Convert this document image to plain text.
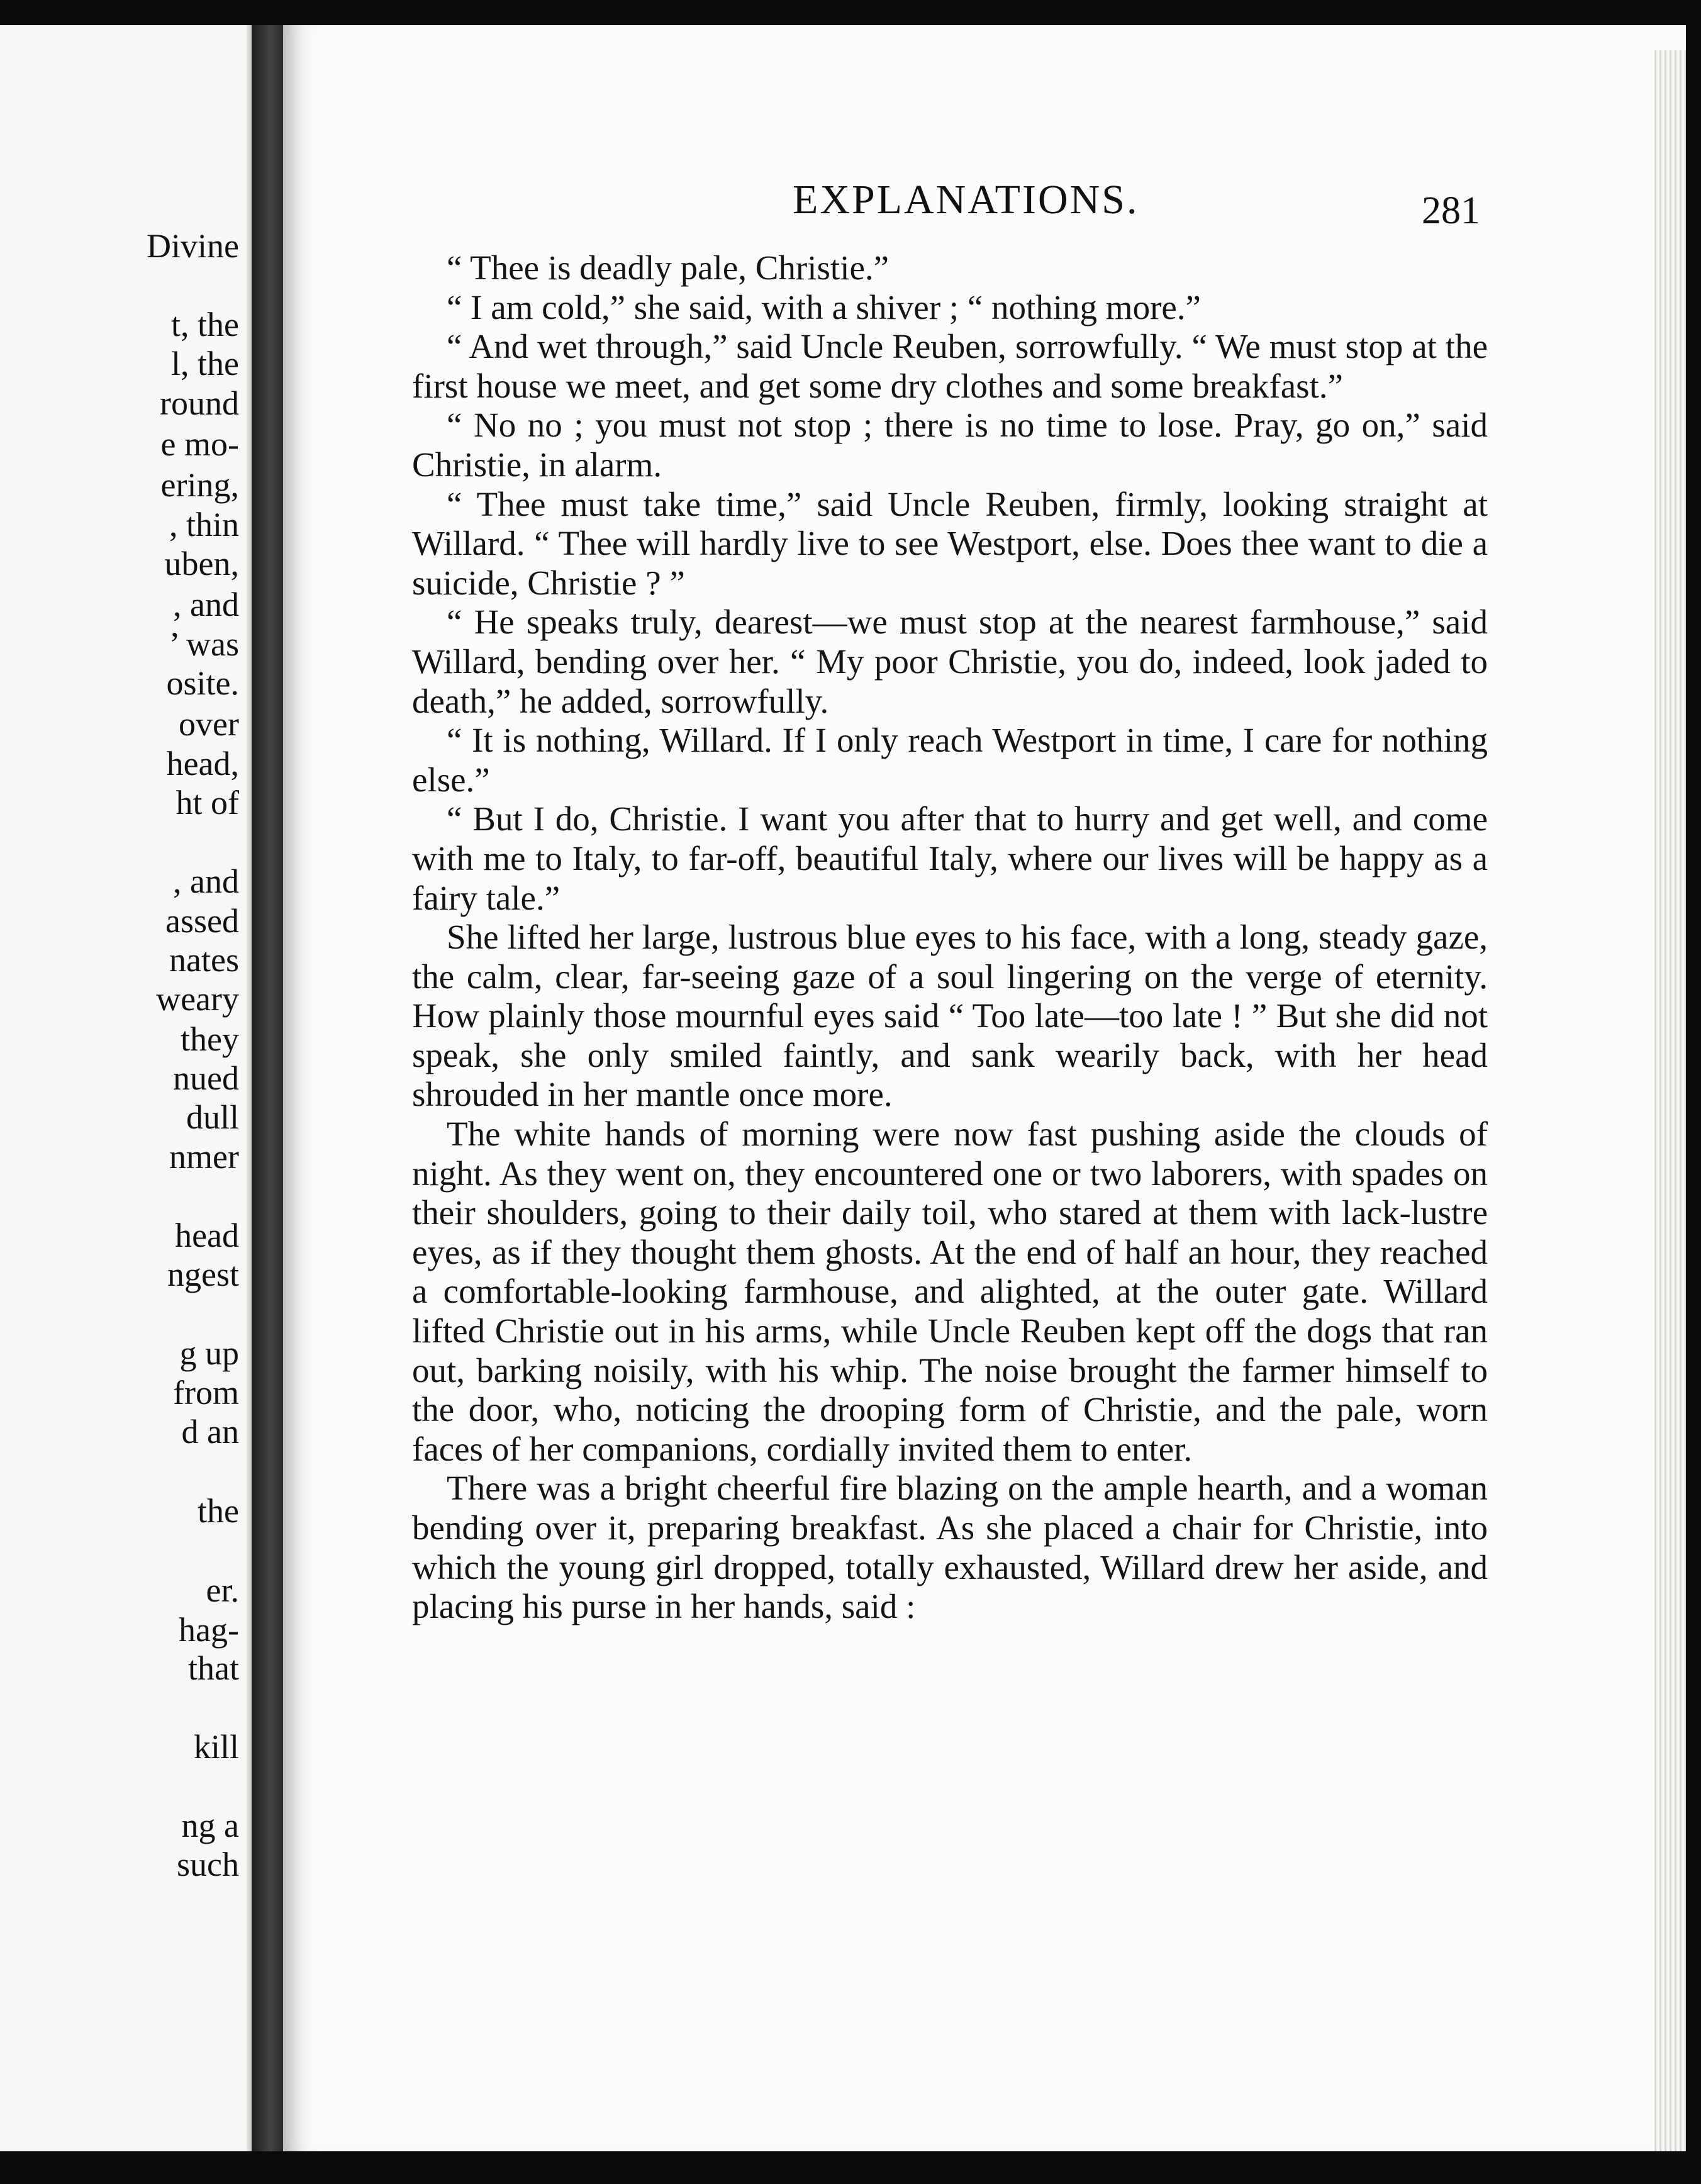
Divine
t, the
l, the
round
e mo-
ering,
, thin
uben,
, and
’ was
osite.
over
head,
ht of
, and
assed
nates
weary
they
nued
dull
nmer
head
ngest
g up
from
d an
the
er.
hag-
that
kill
ng a
such
EXPLANATIONS.	281

“ Thee is deadly pale, Christie.”

“ I am cold,” she said, with a shiver ; “ nothing more.”

“ And wet through,” said Uncle Reuben, sorrowfully. “ We must stop at the first house we meet, and get some dry clothes and some breakfast.”

“ No no ; you must not stop ; there is no time to lose. Pray, go on,” said Christie, in alarm.

“ Thee must take time,” said Uncle Reuben, firmly, looking straight at Willard. “ Thee will hardly live to see Westport, else. Does thee want to die a suicide, Christie ? ”

“ He speaks truly, dearest—we must stop at the nearest farmhouse,” said Willard, bending over her. “ My poor Christie, you do, indeed, look jaded to death,” he added, sorrowfully.

“ It is nothing, Willard. If I only reach Westport in time, I care for nothing else.”

“ But I do, Christie. I want you after that to hurry and get well, and come with me to Italy, to far-off, beautiful Italy, where our lives will be happy as a fairy tale.”

She lifted her large, lustrous blue eyes to his face, with a long, steady gaze, the calm, clear, far-seeing gaze of a soul lingering on the verge of eternity. How plainly those mournful eyes said “ Too late—too late ! ” But she did not speak, she only smiled faintly, and sank wearily back, with her head shrouded in her mantle once more.

The white hands of morning were now fast pushing aside the clouds of night. As they went on, they encountered one or two laborers, with spades on their shoulders, going to their daily toil, who stared at them with lack-lustre eyes, as if they thought them ghosts. At the end of half an hour, they reached a comfortable-looking farmhouse, and alighted, at the outer gate. Willard lifted Christie out in his arms, while Uncle Reuben kept off the dogs that ran out, barking noisily, with his whip. The noise brought the farmer himself to the door, who, noticing the drooping form of Christie, and the pale, worn faces of her companions, cordially invited them to enter.

There was a bright cheerful fire blazing on the ample hearth, and a woman bending over it, preparing breakfast. As she placed a chair for Christie, into which the young girl dropped, totally exhausted, Willard drew her aside, and placing his purse in her hands, said :
